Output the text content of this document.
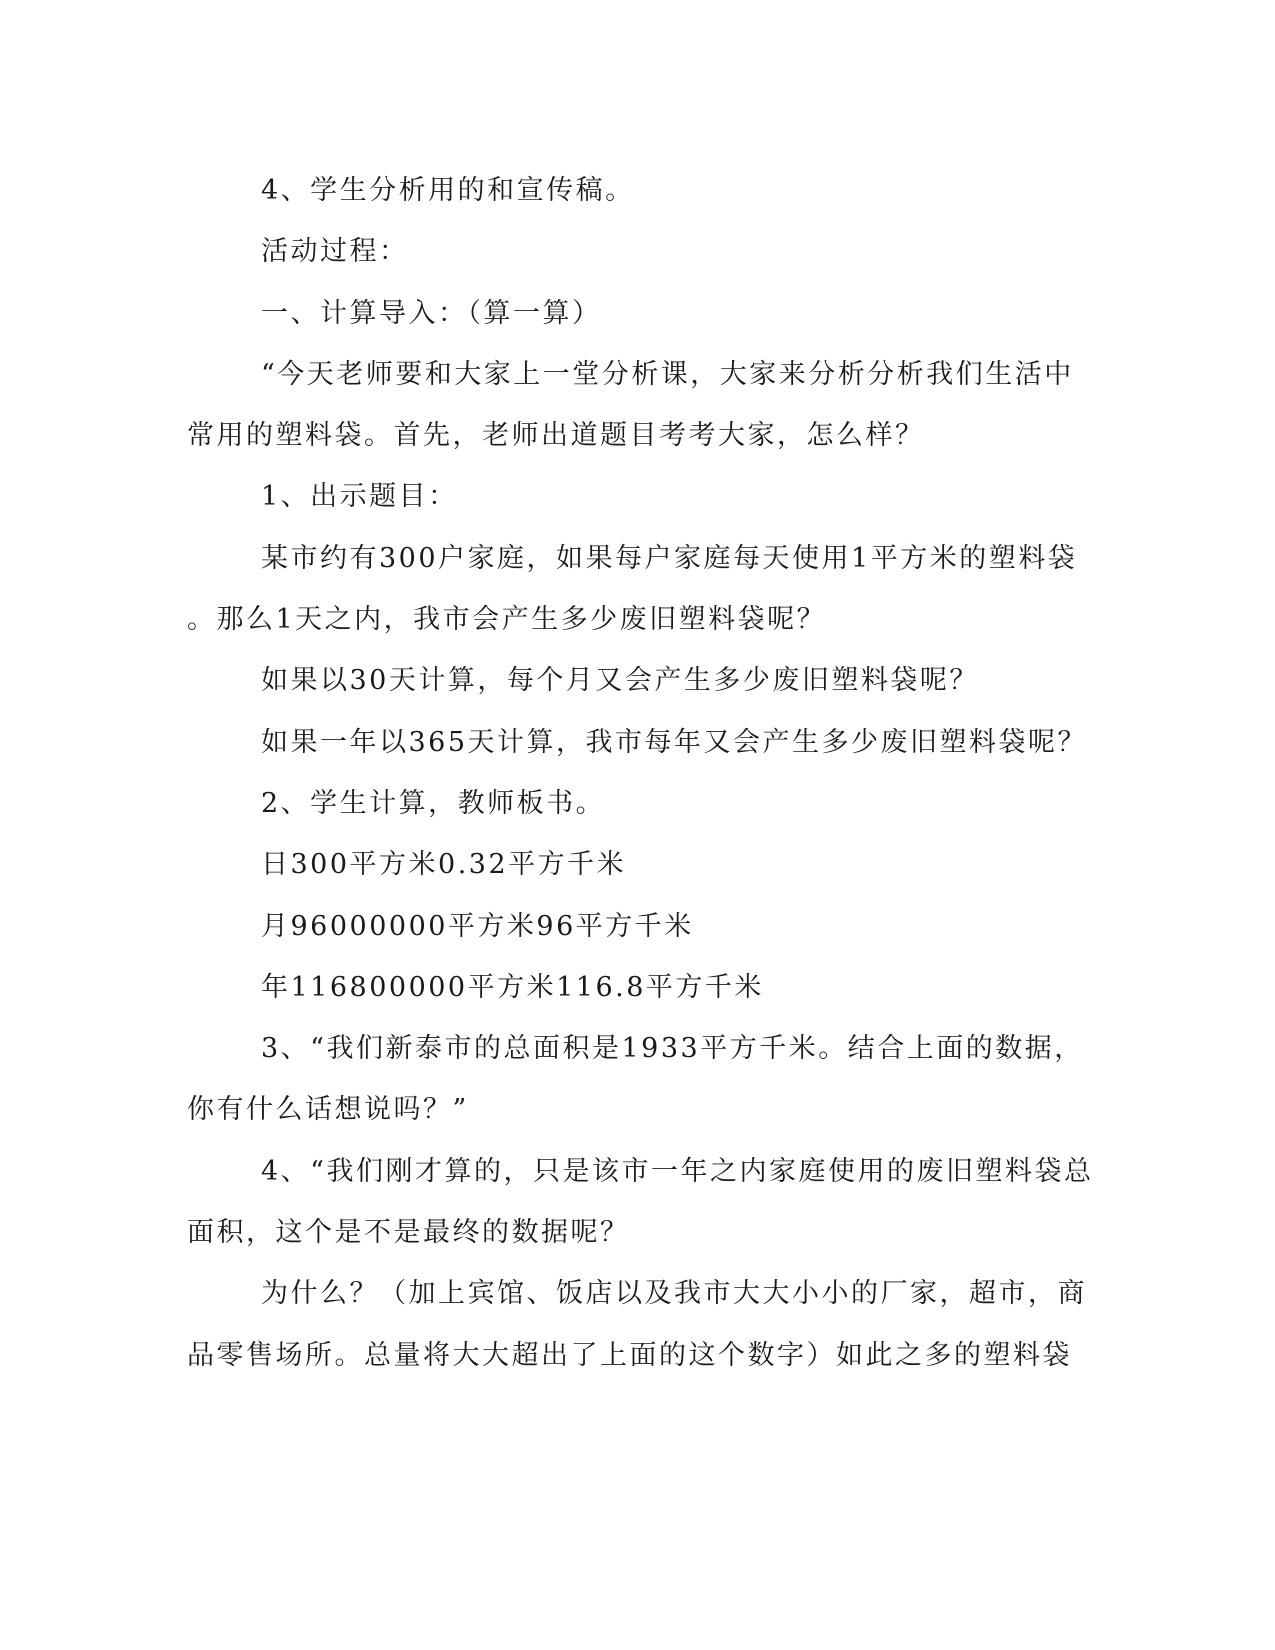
4、学生分析用的和宣传稿。

活动过程：

一、计算导入：（算一算）

“今天老师要和大家上一堂分析课，大家来分析分析我们生活中

常用的塑料袋。首先，老师出道题目考考大家，怎么样？

1、出示题目：

某市约有300户家庭，如果每户家庭每天使用1平方米的塑料袋

。那么1天之内，我市会产生多少废旧塑料袋呢？

如果以30天计算，每个月又会产生多少废旧塑料袋呢？

如果一年以365天计算，我市每年又会产生多少废旧塑料袋呢？

2、学生计算，教师板书。

日300平方米0.32平方千米

月96000000平方米96平方千米

年116800000平方米116.8平方千米

3、“我们新泰市的总面积是1933平方千米。结合上面的数据，

你有什么话想说吗？”

4、“我们刚才算的，只是该市一年之内家庭使用的废旧塑料袋总

面积，这个是不是最终的数据呢？

为什么？（加上宾馆、饭店以及我市大大小小的厂家，超市，商

品零售场所。总量将大大超出了上面的这个数字）如此之多的塑料袋
